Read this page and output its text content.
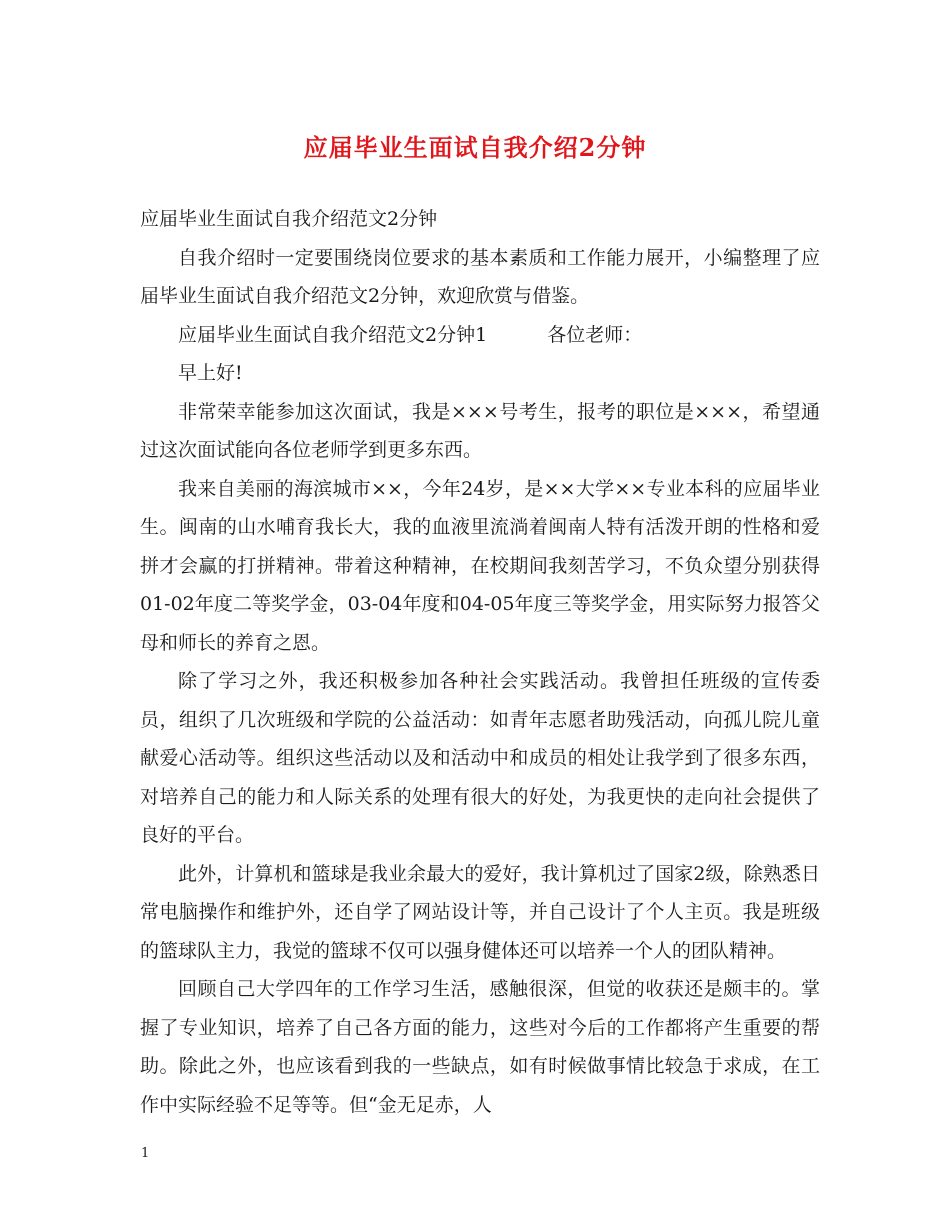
应届毕业生面试自我介绍2分钟

应届毕业生面试自我介绍范文2分钟

自我介绍时一定要围绕岗位要求的基本素质和工作能力展开，小编整理了应届毕业生面试自我介绍范文2分钟，欢迎欣赏与借鉴。

应届毕业生面试自我介绍范文2分钟1	各位老师：

早上好!

非常荣幸能参加这次面试，我是×××号考生，报考的职位是×××，希望通过这次面试能向各位老师学到更多东西。

我来自美丽的海滨城市××，今年24岁，是××大学××专业本科的应届毕业生。闽南的山水哺育我长大，我的血液里流淌着闽南人特有活泼开朗的性格和爱拼才会赢的打拼精神。带着这种精神，在校期间我刻苦学习，不负众望分别获得01-02年度二等奖学金，03-04年度和04-05年度三等奖学金，用实际努力报答父母和师长的养育之恩。

除了学习之外，我还积极参加各种社会实践活动。我曾担任班级的宣传委员，组织了几次班级和学院的公益活动：如青年志愿者助残活动，向孤儿院儿童献爱心活动等。组织这些活动以及和活动中和成员的相处让我学到了很多东西，对培养自己的能力和人际关系的处理有很大的好处，为我更快的走向社会提供了良好的平台。

此外，计算机和篮球是我业余最大的爱好，我计算机过了国家2级，除熟悉日常电脑操作和维护外，还自学了网站设计等，并自己设计了个人主页。我是班级的篮球队主力，我觉的篮球不仅可以强身健体还可以培养一个人的团队精神。

回顾自己大学四年的工作学习生活，感触很深，但觉的收获还是颇丰的。掌握了专业知识，培养了自己各方面的能力，这些对今后的工作都将产生重要的帮助。除此之外，也应该看到我的一些缺点，如有时候做事情比较急于求成，在工作中实际经验不足等等。但“金无足赤，人

1
